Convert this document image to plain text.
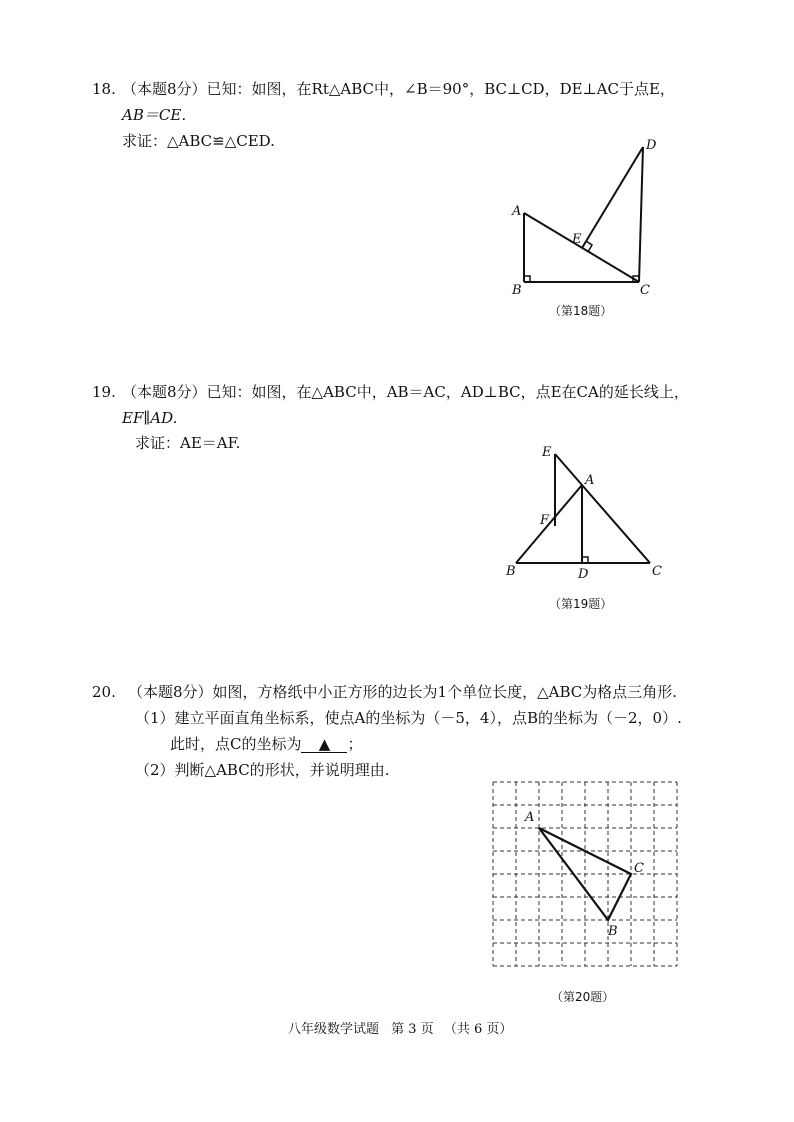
18. （本题8分）已知：如图，在Rt△ABC中，∠B＝90°，BC⊥CD，DE⊥AC于点E，
AB＝CE．
求证：△ABC≌△CED.	D
A
E
B	C
（第18题）
19. （本题8分）已知：如图，在△ABC中，AB＝AC，AD⊥BC，点E在CA的延长线上，
EF∥AD.
求证：AE＝AF.
E
A
F
B	D	C
（第19题）
20. （本题8分）如图，方格纸中小正方形的边长为1个单位长度，△ABC为格点三角形.
（1）建立平面直角坐标系，使点A的坐标为（－5，4），点B的坐标为（－2，0）.
此时，点C的坐标为 ▲ ；
（2）判断△ABC的形状，并说明理由.
A
C
B
（第20题）
八年级数学试题 第 3 页 （共 6 页）
